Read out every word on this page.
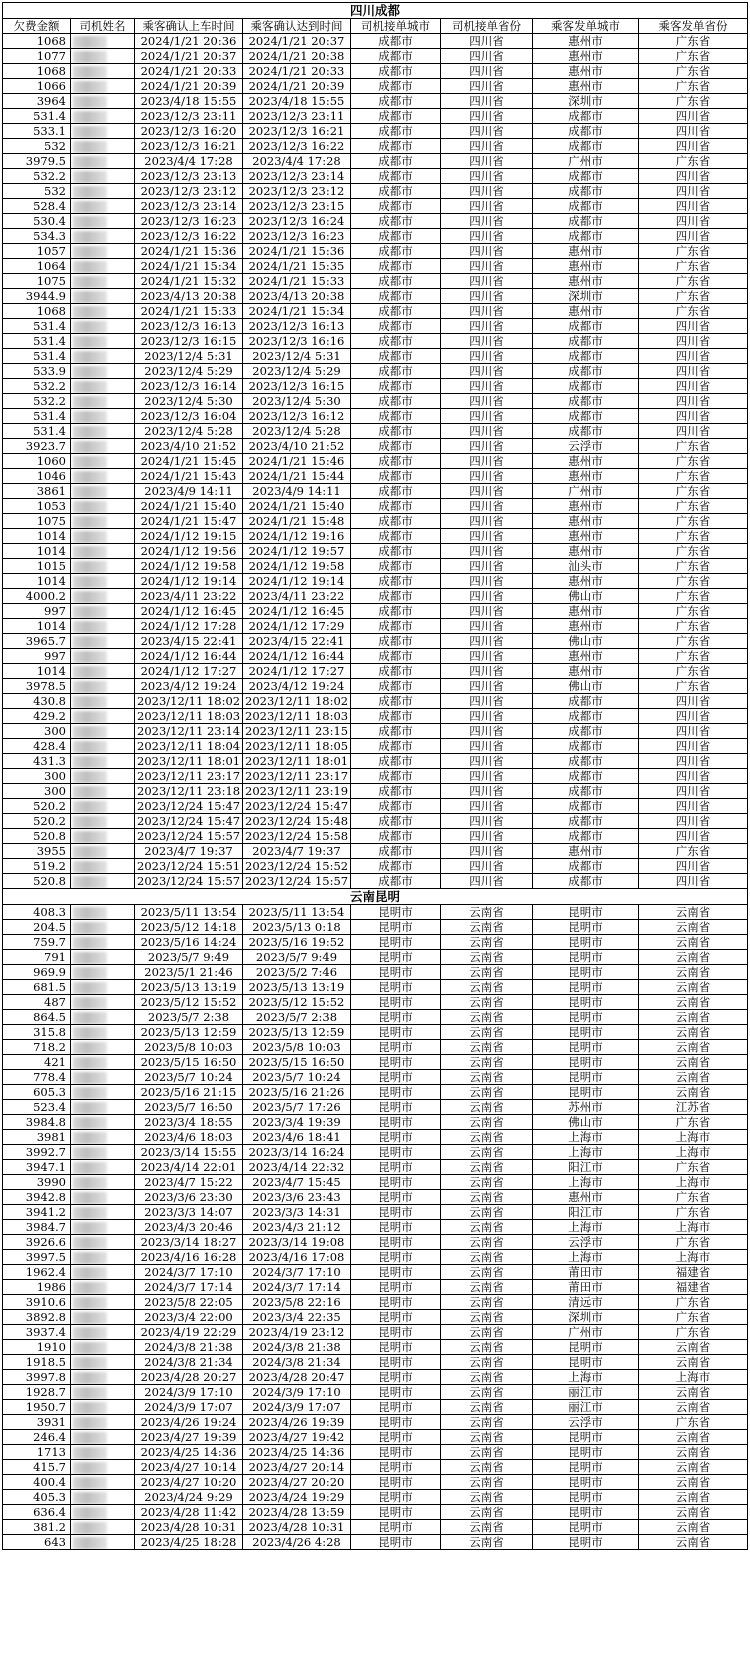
四川成都							
欠费金额	司机姓名	乘客确认上车时间	乘客确认达到时间	司机接单城市	司机接单省份	乘客发单城市	乘客发单省份
1068		2024/1/21 20:36	2024/1/21 20:37	成都市	四川省	惠州市	广东省
1077		2024/1/21 20:37	2024/1/21 20:38	成都市	四川省	惠州市	广东省
1068		2024/1/21 20:33	2024/1/21 20:33	成都市	四川省	惠州市	广东省
1066		2024/1/21 20:39	2024/1/21 20:39	成都市	四川省	惠州市	广东省
3964		2023/4/18 15:55	2023/4/18 15:55	成都市	四川省	深圳市	广东省
531.4		2023/12/3 23:11	2023/12/3 23:11	成都市	四川省	成都市	四川省
533.1		2023/12/3 16:20	2023/12/3 16:21	成都市	四川省	成都市	四川省
532		2023/12/3 16:21	2023/12/3 16:22	成都市	四川省	成都市	四川省
3979.5		2023/4/4 17:28	2023/4/4 17:28	成都市	四川省	广州市	广东省
532.2		2023/12/3 23:13	2023/12/3 23:14	成都市	四川省	成都市	四川省
532		2023/12/3 23:12	2023/12/3 23:12	成都市	四川省	成都市	四川省
528.4		2023/12/3 23:14	2023/12/3 23:15	成都市	四川省	成都市	四川省
530.4		2023/12/3 16:23	2023/12/3 16:24	成都市	四川省	成都市	四川省
534.3		2023/12/3 16:22	2023/12/3 16:23	成都市	四川省	成都市	四川省
1057		2024/1/21 15:36	2024/1/21 15:36	成都市	四川省	惠州市	广东省
1064		2024/1/21 15:34	2024/1/21 15:35	成都市	四川省	惠州市	广东省
1075		2024/1/21 15:32	2024/1/21 15:33	成都市	四川省	惠州市	广东省
3944.9		2023/4/13 20:38	2023/4/13 20:38	成都市	四川省	深圳市	广东省
1068		2024/1/21 15:33	2024/1/21 15:34	成都市	四川省	惠州市	广东省
531.4		2023/12/3 16:13	2023/12/3 16:13	成都市	四川省	成都市	四川省
531.4		2023/12/3 16:15	2023/12/3 16:16	成都市	四川省	成都市	四川省
531.4		2023/12/4 5:31	2023/12/4 5:31	成都市	四川省	成都市	四川省
533.9		2023/12/4 5:29	2023/12/4 5:29	成都市	四川省	成都市	四川省
532.2		2023/12/3 16:14	2023/12/3 16:15	成都市	四川省	成都市	四川省
532.2		2023/12/4 5:30	2023/12/4 5:30	成都市	四川省	成都市	四川省
531.4		2023/12/3 16:04	2023/12/3 16:12	成都市	四川省	成都市	四川省
531.4		2023/12/4 5:28	2023/12/4 5:28	成都市	四川省	成都市	四川省
3923.7		2023/4/10 21:52	2023/4/10 21:52	成都市	四川省	云浮市	广东省
1060		2024/1/21 15:45	2024/1/21 15:46	成都市	四川省	惠州市	广东省
1046		2024/1/21 15:43	2024/1/21 15:44	成都市	四川省	惠州市	广东省
3861		2023/4/9 14:11	2023/4/9 14:11	成都市	四川省	广州市	广东省
1053		2024/1/21 15:40	2024/1/21 15:40	成都市	四川省	惠州市	广东省
1075		2024/1/21 15:47	2024/1/21 15:48	成都市	四川省	惠州市	广东省
1014		2024/1/12 19:15	2024/1/12 19:16	成都市	四川省	惠州市	广东省
1014		2024/1/12 19:56	2024/1/12 19:57	成都市	四川省	惠州市	广东省
1015		2024/1/12 19:58	2024/1/12 19:58	成都市	四川省	汕头市	广东省
1014		2024/1/12 19:14	2024/1/12 19:14	成都市	四川省	惠州市	广东省
4000.2		2023/4/11 23:22	2023/4/11 23:22	成都市	四川省	佛山市	广东省
997		2024/1/12 16:45	2024/1/12 16:45	成都市	四川省	惠州市	广东省
1014		2024/1/12 17:28	2024/1/12 17:29	成都市	四川省	惠州市	广东省
3965.7		2023/4/15 22:41	2023/4/15 22:41	成都市	四川省	佛山市	广东省
997		2024/1/12 16:44	2024/1/12 16:44	成都市	四川省	惠州市	广东省
1014		2024/1/12 17:27	2024/1/12 17:27	成都市	四川省	惠州市	广东省
3978.5		2023/4/12 19:24	2023/4/12 19:24	成都市	四川省	佛山市	广东省
430.8		2023/12/11 18:02	2023/12/11 18:02	成都市	四川省	成都市	四川省
429.2		2023/12/11 18:03	2023/12/11 18:03	成都市	四川省	成都市	四川省
300		2023/12/11 23:14	2023/12/11 23:15	成都市	四川省	成都市	四川省
428.4		2023/12/11 18:04	2023/12/11 18:05	成都市	四川省	成都市	四川省
431.3		2023/12/11 18:01	2023/12/11 18:01	成都市	四川省	成都市	四川省
300		2023/12/11 23:17	2023/12/11 23:17	成都市	四川省	成都市	四川省
300		2023/12/11 23:18	2023/12/11 23:19	成都市	四川省	成都市	四川省
520.2		2023/12/24 15:47	2023/12/24 15:47	成都市	四川省	成都市	四川省
520.2		2023/12/24 15:47	2023/12/24 15:48	成都市	四川省	成都市	四川省
520.8		2023/12/24 15:57	2023/12/24 15:58	成都市	四川省	成都市	四川省
3955		2023/4/7 19:37	2023/4/7 19:37	成都市	四川省	惠州市	广东省
519.2		2023/12/24 15:51	2023/12/24 15:52	成都市	四川省	成都市	四川省
520.8		2023/12/24 15:57	2023/12/24 15:57	成都市	四川省	成都市	四川省
云南昆明							
408.3		2023/5/11 13:54	2023/5/11 13:54	昆明市	云南省	昆明市	云南省
204.5		2023/5/12 14:18	2023/5/13 0:18	昆明市	云南省	昆明市	云南省
759.7		2023/5/16 14:24	2023/5/16 19:52	昆明市	云南省	昆明市	云南省
791		2023/5/7 9:49	2023/5/7 9:49	昆明市	云南省	昆明市	云南省
969.9		2023/5/1 21:46	2023/5/2 7:46	昆明市	云南省	昆明市	云南省
681.5		2023/5/13 13:19	2023/5/13 13:19	昆明市	云南省	昆明市	云南省
487		2023/5/12 15:52	2023/5/12 15:52	昆明市	云南省	昆明市	云南省
864.5		2023/5/7 2:38	2023/5/7 2:38	昆明市	云南省	昆明市	云南省
315.8		2023/5/13 12:59	2023/5/13 12:59	昆明市	云南省	昆明市	云南省
718.2		2023/5/8 10:03	2023/5/8 10:03	昆明市	云南省	昆明市	云南省
421		2023/5/15 16:50	2023/5/15 16:50	昆明市	云南省	昆明市	云南省
778.4		2023/5/7 10:24	2023/5/7 10:24	昆明市	云南省	昆明市	云南省
605.3		2023/5/16 21:15	2023/5/16 21:26	昆明市	云南省	昆明市	云南省
523.4		2023/5/7 16:50	2023/5/7 17:26	昆明市	云南省	苏州市	江苏省
3984.8		2023/3/4 18:55	2023/3/4 19:39	昆明市	云南省	佛山市	广东省
3981		2023/4/6 18:03	2023/4/6 18:41	昆明市	云南省	上海市	上海市
3992.7		2023/3/14 15:55	2023/3/14 16:24	昆明市	云南省	上海市	上海市
3947.1		2023/4/14 22:01	2023/4/14 22:32	昆明市	云南省	阳江市	广东省
3990		2023/4/7 15:22	2023/4/7 15:45	昆明市	云南省	上海市	上海市
3942.8		2023/3/6 23:30	2023/3/6 23:43	昆明市	云南省	惠州市	广东省
3941.2		2023/3/3 14:07	2023/3/3 14:31	昆明市	云南省	阳江市	广东省
3984.7		2023/4/3 20:46	2023/4/3 21:12	昆明市	云南省	上海市	上海市
3926.6		2023/3/14 18:27	2023/3/14 19:08	昆明市	云南省	云浮市	广东省
3997.5		2023/4/16 16:28	2023/4/16 17:08	昆明市	云南省	上海市	上海市
1962.4		2024/3/7 17:10	2024/3/7 17:10	昆明市	云南省	莆田市	福建省
1986		2024/3/7 17:14	2024/3/7 17:14	昆明市	云南省	莆田市	福建省
3910.6		2023/5/8 22:05	2023/5/8 22:16	昆明市	云南省	清远市	广东省
3892.8		2023/3/4 22:00	2023/3/4 22:35	昆明市	云南省	深圳市	广东省
3937.4		2023/4/19 22:29	2023/4/19 23:12	昆明市	云南省	广州市	广东省
1910		2024/3/8 21:38	2024/3/8 21:38	昆明市	云南省	昆明市	云南省
1918.5		2024/3/8 21:34	2024/3/8 21:34	昆明市	云南省	昆明市	云南省
3997.8		2023/4/28 20:27	2023/4/28 20:47	昆明市	云南省	上海市	上海市
1928.7		2024/3/9 17:10	2024/3/9 17:10	昆明市	云南省	丽江市	云南省
1950.7		2024/3/9 17:07	2024/3/9 17:07	昆明市	云南省	丽江市	云南省
3931		2023/4/26 19:24	2023/4/26 19:39	昆明市	云南省	云浮市	广东省
246.4		2023/4/27 19:39	2023/4/27 19:42	昆明市	云南省	昆明市	云南省
1713		2023/4/25 14:36	2023/4/25 14:36	昆明市	云南省	昆明市	云南省
415.7		2023/4/27 10:14	2023/4/27 20:14	昆明市	云南省	昆明市	云南省
400.4		2023/4/27 10:20	2023/4/27 20:20	昆明市	云南省	昆明市	云南省
405.3		2023/4/24 9:29	2023/4/24 19:29	昆明市	云南省	昆明市	云南省
636.4		2023/4/28 11:42	2023/4/28 13:59	昆明市	云南省	昆明市	云南省
381.2		2023/4/28 10:31	2023/4/28 10:31	昆明市	云南省	昆明市	云南省
643		2023/4/25 18:28	2023/4/26 4:28	昆明市	云南省	昆明市	云南省
